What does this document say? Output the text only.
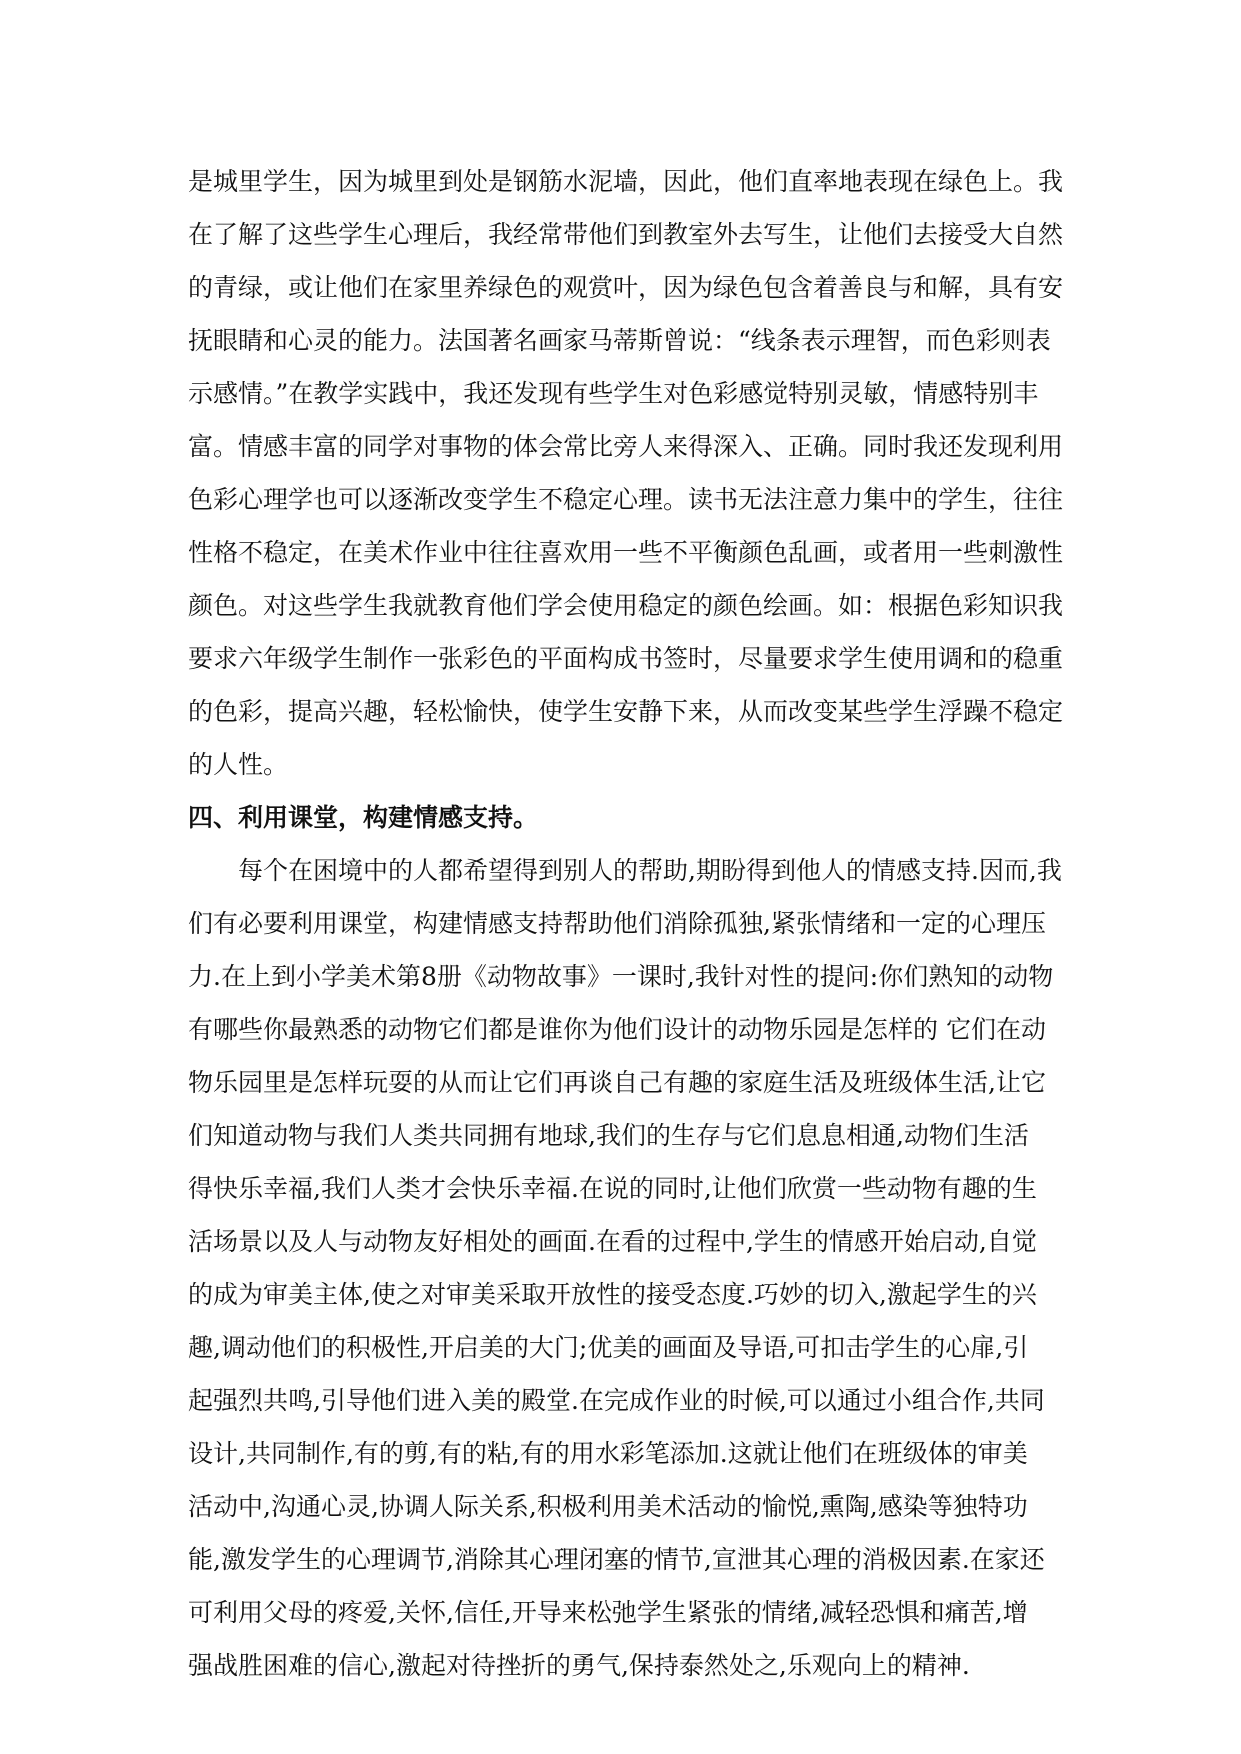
是城里学生，因为城里到处是钢筋水泥墙，因此，他们直率地表现在绿色上。我
在了解了这些学生心理后，我经常带他们到教室外去写生，让他们去接受大自然
的青绿，或让他们在家里养绿色的观赏叶，因为绿色包含着善良与和解，具有安
抚眼睛和心灵的能力。法国著名画家马蒂斯曾说：“线条表示理智，而色彩则表
示感情。”在教学实践中，我还发现有些学生对色彩感觉特别灵敏，情感特别丰
富。情感丰富的同学对事物的体会常比旁人来得深入、正确。同时我还发现利用
色彩心理学也可以逐渐改变学生不稳定心理。读书无法注意力集中的学生，往往
性格不稳定，在美术作业中往往喜欢用一些不平衡颜色乱画，或者用一些刺激性
颜色。对这些学生我就教育他们学会使用稳定的颜色绘画。如：根据色彩知识我
要求六年级学生制作一张彩色的平面构成书签时，尽量要求学生使用调和的稳重
的色彩，提高兴趣，轻松愉快，使学生安静下来，从而改变某些学生浮躁不稳定
的人性。
四、利用课堂，构建情感支持。
每个在困境中的人都希望得到别人的帮助,期盼得到他人的情感支持.因而,我
们有必要利用课堂，构建情感支持帮助他们消除孤独,紧张情绪和一定的心理压
力.在上到小学美术第8册《动物故事》一课时,我针对性的提问:你们熟知的动物
有哪些你最熟悉的动物它们都是谁你为他们设计的动物乐园是怎样的 它们在动
物乐园里是怎样玩耍的从而让它们再谈自己有趣的家庭生活及班级体生活,让它
们知道动物与我们人类共同拥有地球,我们的生存与它们息息相通,动物们生活
得快乐幸福,我们人类才会快乐幸福.在说的同时,让他们欣赏一些动物有趣的生
活场景以及人与动物友好相处的画面.在看的过程中,学生的情感开始启动,自觉
的成为审美主体,使之对审美采取开放性的接受态度.巧妙的切入,激起学生的兴
趣,调动他们的积极性,开启美的大门;优美的画面及导语,可扣击学生的心扉,引
起强烈共鸣,引导他们进入美的殿堂.在完成作业的时候,可以通过小组合作,共同
设计,共同制作,有的剪,有的粘,有的用水彩笔添加.这就让他们在班级体的审美
活动中,沟通心灵,协调人际关系,积极利用美术活动的愉悦,熏陶,感染等独特功
能,激发学生的心理调节,消除其心理闭塞的情节,宣泄其心理的消极因素.在家还
可利用父母的疼爱,关怀,信任,开导来松弛学生紧张的情绪,减轻恐惧和痛苦,增
强战胜困难的信心,激起对待挫折的勇气,保持泰然处之,乐观向上的精神.
